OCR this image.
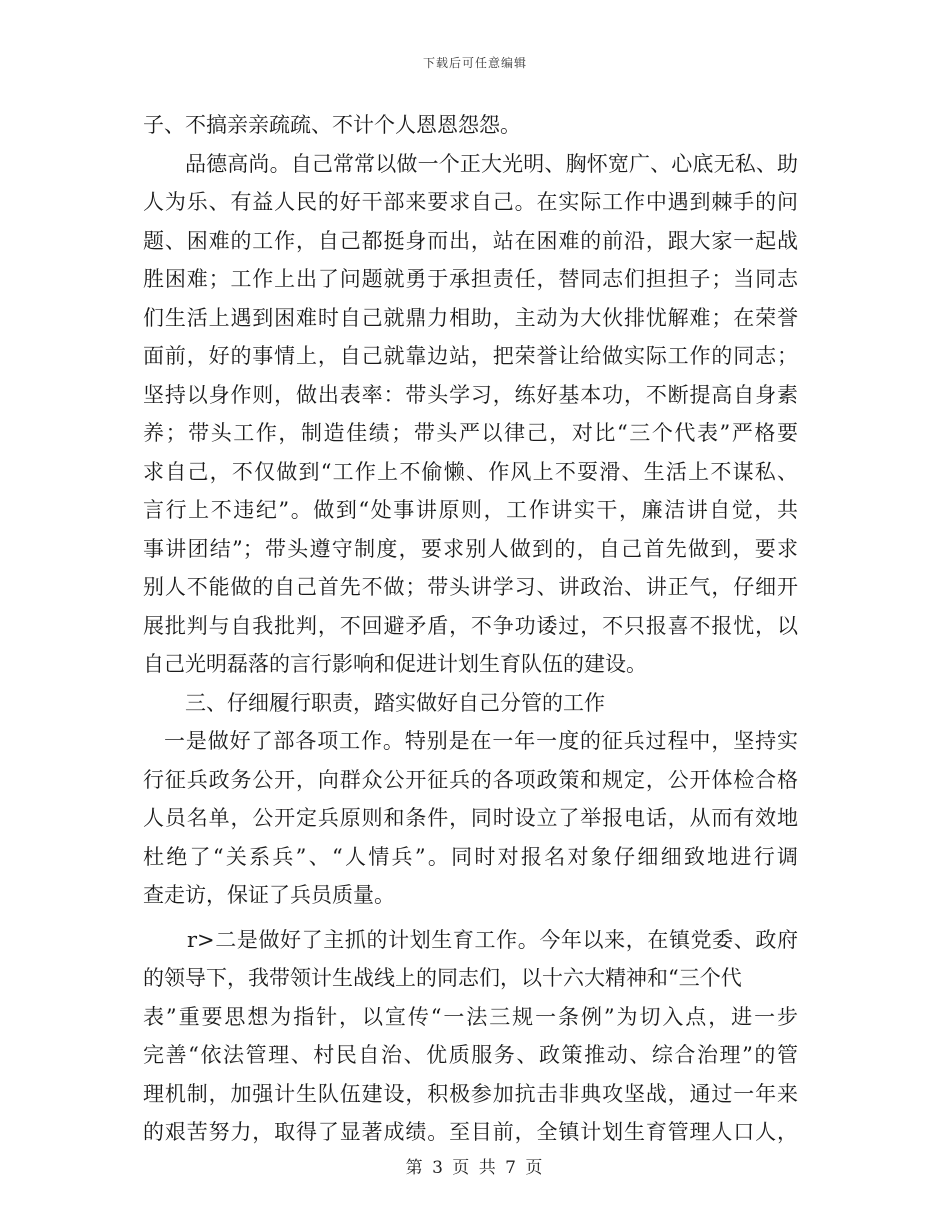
下载后可任意编辑
子、不搞亲亲疏疏、不计个人恩恩怨怨。
品德高尚。自己常常以做一个正大光明、胸怀宽广、心底无私、助
人为乐、有益人民的好干部来要求自己。在实际工作中遇到棘手的问
题、困难的工作，自己都挺身而出，站在困难的前沿，跟大家一起战
胜困难；工作上出了问题就勇于承担责任，替同志们担担子；当同志
们生活上遇到困难时自己就鼎力相助，主动为大伙排忧解难；在荣誉
面前，好的事情上，自己就靠边站，把荣誉让给做实际工作的同志；
坚持以身作则，做出表率：带头学习，练好基本功，不断提高自身素
养；带头工作，制造佳绩；带头严以律己，对比“三个代表”严格要
求自己，不仅做到“工作上不偷懒、作风上不耍滑、生活上不谋私、
言行上不违纪”。做到“处事讲原则，工作讲实干，廉洁讲自觉，共
事讲团结”；带头遵守制度，要求别人做到的，自己首先做到，要求
别人不能做的自己首先不做；带头讲学习、讲政治、讲正气，仔细开
展批判与自我批判，不回避矛盾，不争功诿过，不只报喜不报忧，以
自己光明磊落的言行影响和促进计划生育队伍的建设。
三、仔细履行职责，踏实做好自己分管的工作
一是做好了部各项工作。特别是在一年一度的征兵过程中，坚持实
行征兵政务公开，向群众公开征兵的各项政策和规定，公开体检合格
人员名单，公开定兵原则和条件，同时设立了举报电话，从而有效地
杜绝了“关系兵”、“人情兵”。同时对报名对象仔细细致地进行调
查走访，保证了兵员质量。
r>二是做好了主抓的计划生育工作。今年以来，在镇党委、政府
的领导下，我带领计生战线上的同志们，以十六大精神和“三个代
表”重要思想为指针，以宣传“一法三规一条例”为切入点，进一步
完善“依法管理、村民自治、优质服务、政策推动、综合治理”的管
理机制，加强计生队伍建设，积极参加抗击非典攻坚战，通过一年来
的艰苦努力，取得了显著成绩。至目前，全镇计划生育管理人口人，
第 3 页 共 7 页
